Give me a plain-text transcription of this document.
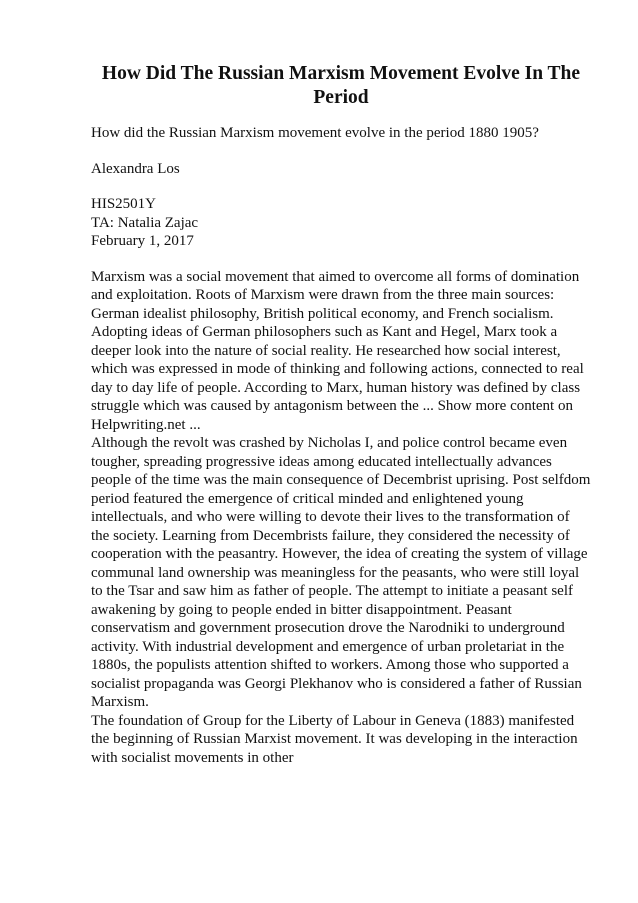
How Did The Russian Marxism Movement Evolve In The Period
How did the Russian Marxism movement evolve in the period 1880 1905?
Alexandra Los
HIS2501Y
TA: Natalia Zajac
February 1, 2017

Marxism was a social movement that aimed to overcome all forms of domination and exploitation. Roots of Marxism were drawn from the three main sources: German idealist philosophy, British political economy, and French socialism. Adopting ideas of German philosophers such as Kant and Hegel, Marx took a deeper look into the nature of social reality. He researched how social interest, which was expressed in mode of thinking and following actions, connected to real day to day life of people. According to Marx, human history was defined by class struggle which was caused by antagonism between the ... Show more content on Helpwriting.net ...

Although the revolt was crashed by Nicholas I, and police control became even tougher, spreading progressive ideas among educated intellectually advances people of the time was the main consequence of Decembrist uprising. Post selfdom period featured the emergence of critical minded and enlightened young intellectuals, and who were willing to devote their lives to the transformation of the society. Learning from Decembrists failure, they considered the necessity of cooperation with the peasantry. However, the idea of creating the system of village communal land ownership was meaningless for the peasants, who were still loyal to the Tsar and saw him as father of people. The attempt to initiate a peasant self awakening by going to people ended in bitter disappointment. Peasant conservatism and government prosecution drove the Narodniki to underground activity. With industrial development and emergence of urban proletariat in the 1880s, the populists attention shifted to workers. Among those who supported a socialist propaganda was Georgi Plekhanov who is considered a father of Russian Marxism.

The foundation of Group for the Liberty of Labour in Geneva (1883) manifested the beginning of Russian Marxist movement. It was developing in the interaction with socialist movements in other
